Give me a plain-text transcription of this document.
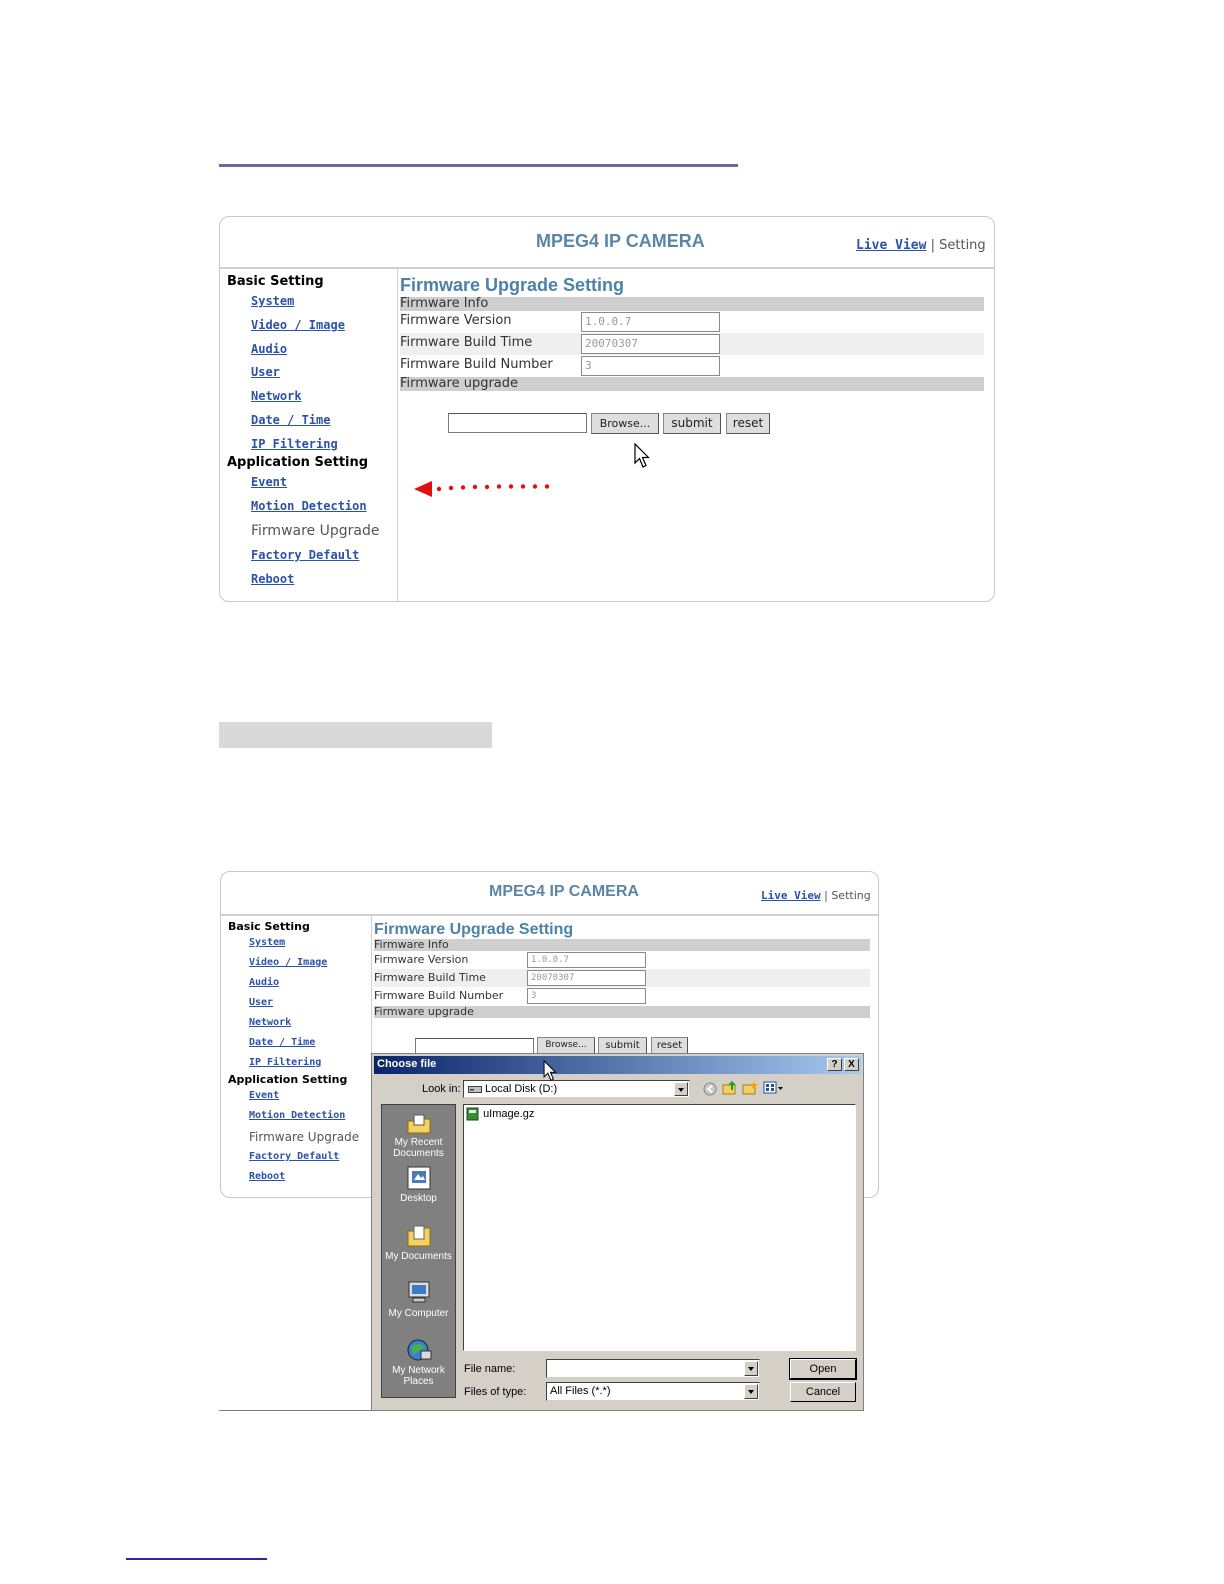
MPEG4 IP CAMERA	Live View | Setting
Basic Setting
System
Video / Image
Audio
User
Network
Date / Time
IP Filtering
Application Setting
Event
Motion Detection
Firmware Upgrade
Factory Default
Reboot
Firmware Upgrade Setting
Firmware Info
Firmware Version	1.0.0.7
Firmware Build Time	20070307
Firmware Build Number	3
Firmware upgrade
Browse...	submit	reset
MPEG4 IP CAMERA	Live View | Setting
Basic Setting
System
Video / Image
Audio
User
Network
Date / Time
IP Filtering
Application Setting
Event
Motion Detection
Firmware Upgrade
Factory Default
Reboot
Firmware Upgrade Setting
Firmware Info
Firmware Version	1.0.0.7
Firmware Build Time	20070307
Firmware Build Number	3
Firmware upgrade
Browse...	submit	reset
Choose file	?	X
Look in: Local Disk (D:)
My Recent Documents
Desktop
My Documents
My Computer
My Network Places
uImage.gz
File name:
Files of type: All Files (*.*)
Open
Cancel
